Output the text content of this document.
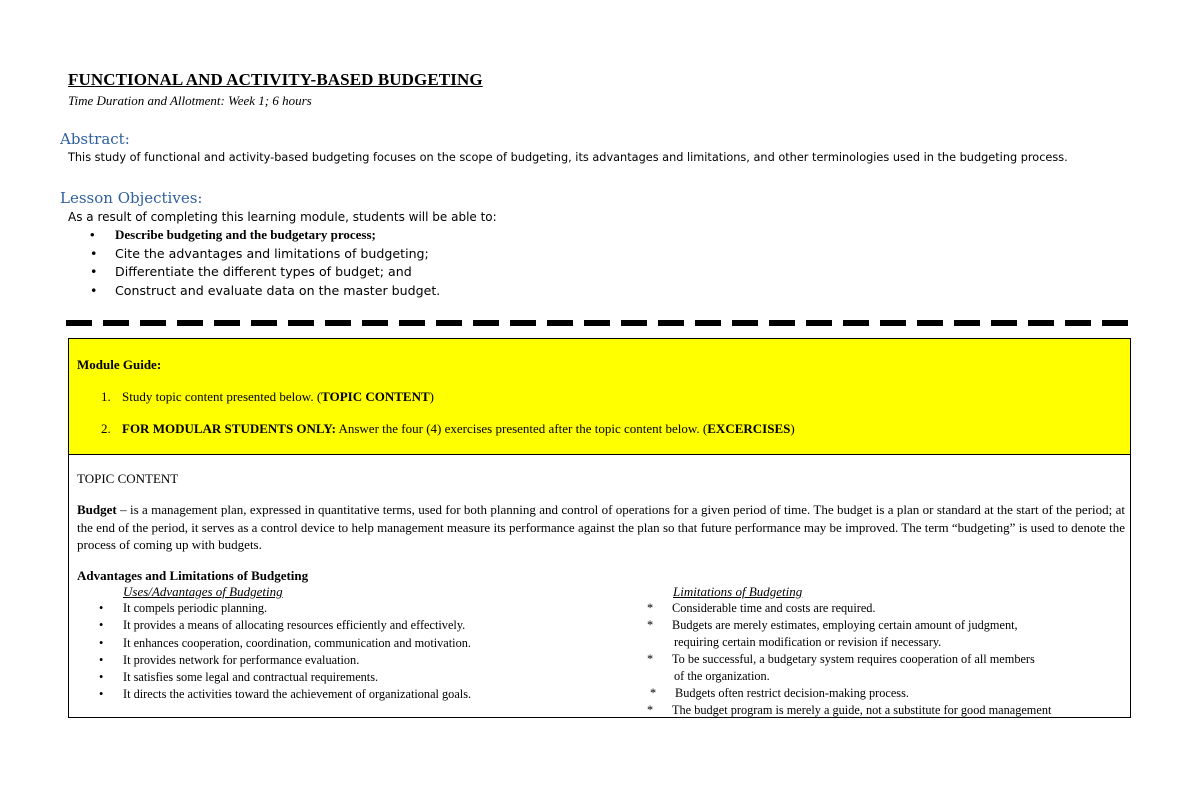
FUNCTIONAL AND ACTIVITY-BASED BUDGETING
Time Duration and Allotment: Week 1; 6 hours
Abstract:
This study of functional and activity-based budgeting focuses on the scope of budgeting, its advantages and limitations, and other terminologies used in the budgeting process.
Lesson Objectives:
As a result of completing this learning module, students will be able to:
• Describe budgeting and the budgetary process;
• Cite the advantages and limitations of budgeting;
• Differentiate the different types of budget; and
• Construct and evaluate data on the master budget.
Module Guide:
1. Study topic content presented below. (TOPIC CONTENT)
2. FOR MODULAR STUDENTS ONLY: Answer the four (4) exercises presented after the topic content below. (EXCERCISES)
TOPIC CONTENT
Budget – is a management plan, expressed in quantitative terms, used for both planning and control of operations for a given period of time. The budget is a plan or standard at the start of the period; at the end of the period, it serves as a control device to help management measure its performance against the plan so that future performance may be improved. The term “budgeting” is used to denote the process of coming up with budgets.
Advantages and Limitations of Budgeting
Uses/Advantages of Budgeting	Limitations of Budgeting
• It compels periodic planning.
• It provides a means of allocating resources efficiently and effectively.
• It enhances cooperation, coordination, communication and motivation.
• It provides network for performance evaluation.
• It satisfies some legal and contractual requirements.
• It directs the activities toward the achievement of organizational goals.
* Considerable time and costs are required.
* Budgets are merely estimates, employing certain amount of judgment,
requiring certain modification or revision if necessary.
* To be successful, a budgetary system requires cooperation of all members
of the organization.
* Budgets often restrict decision-making process.
* The budget program is merely a guide, not a substitute for good management
